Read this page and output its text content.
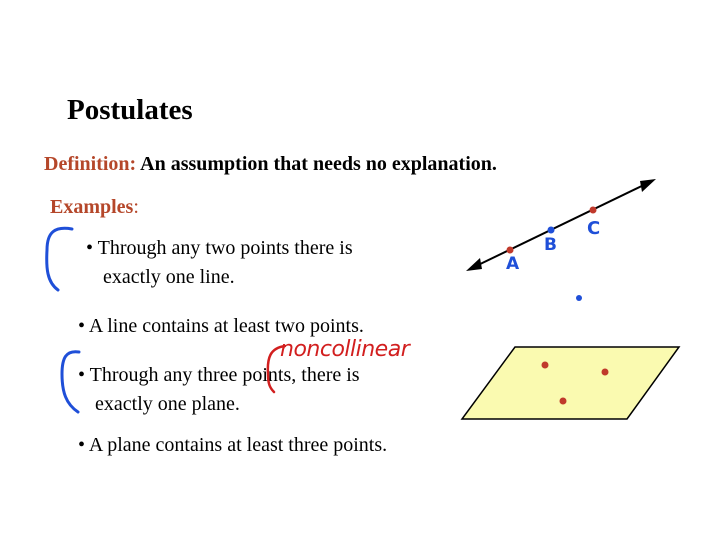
Postulates
Definition: An assumption that needs no explanation.
Examples:
• Through any two points there is
exactly one line.
• A line contains at least two points.
• Through any three points, there is
exactly one plane.
• A plane contains at least three points.
noncollinear
A
B
C
